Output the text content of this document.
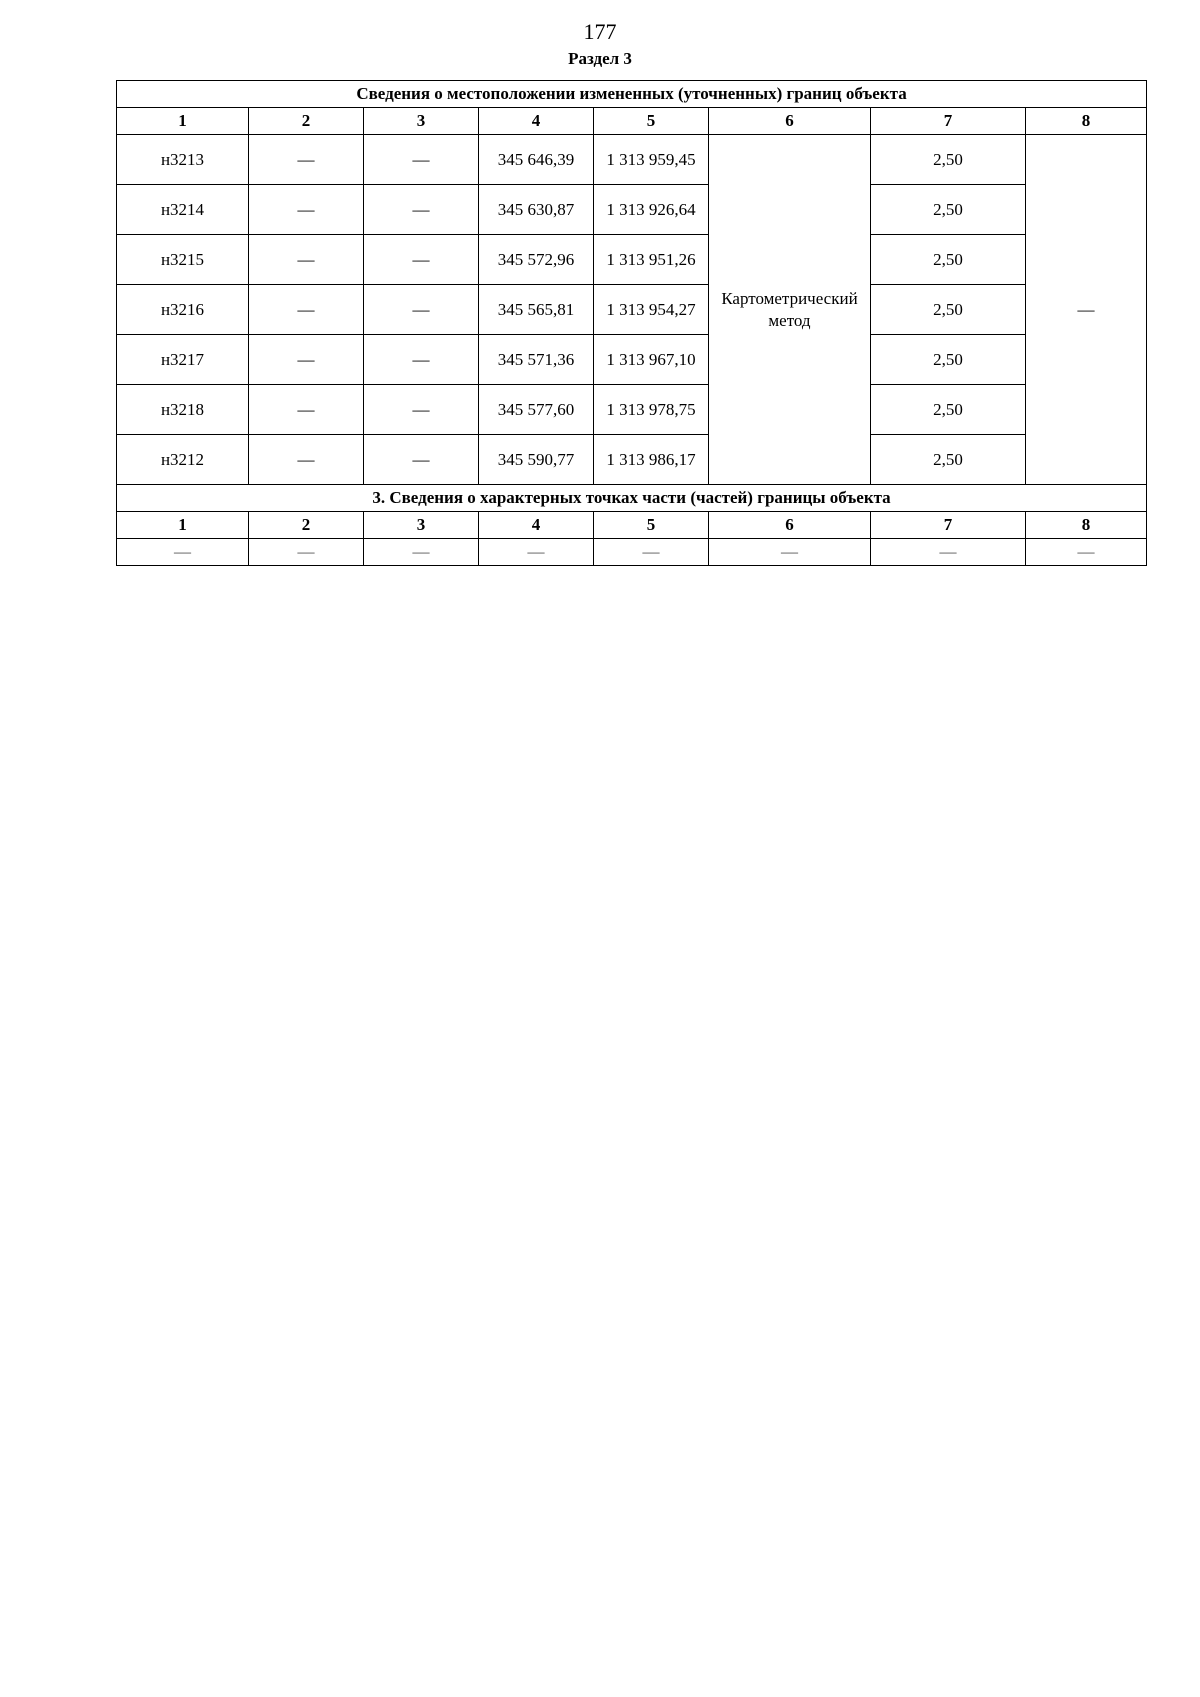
177
Раздел 3
Сведения о местоположении измененных (уточненных) границ объекта							
1	2	3	4	5	6	7	8
н3213	—	—	345 646,39	1 313 959,45	Картометрический метод	2,50	—
н3214	—	—	345 630,87	1 313 926,64		2,50	
н3215	—	—	345 572,96	1 313 951,26		2,50	
н3216	—	—	345 565,81	1 313 954,27		2,50	
н3217	—	—	345 571,36	1 313 967,10		2,50	
н3218	—	—	345 577,60	1 313 978,75		2,50	
н3212	—	—	345 590,77	1 313 986,17		2,50	
3. Сведения о характерных точках части (частей) границы объекта							
1	2	3	4	5	6	7	8
—	—	—	—	—	—	—	—
